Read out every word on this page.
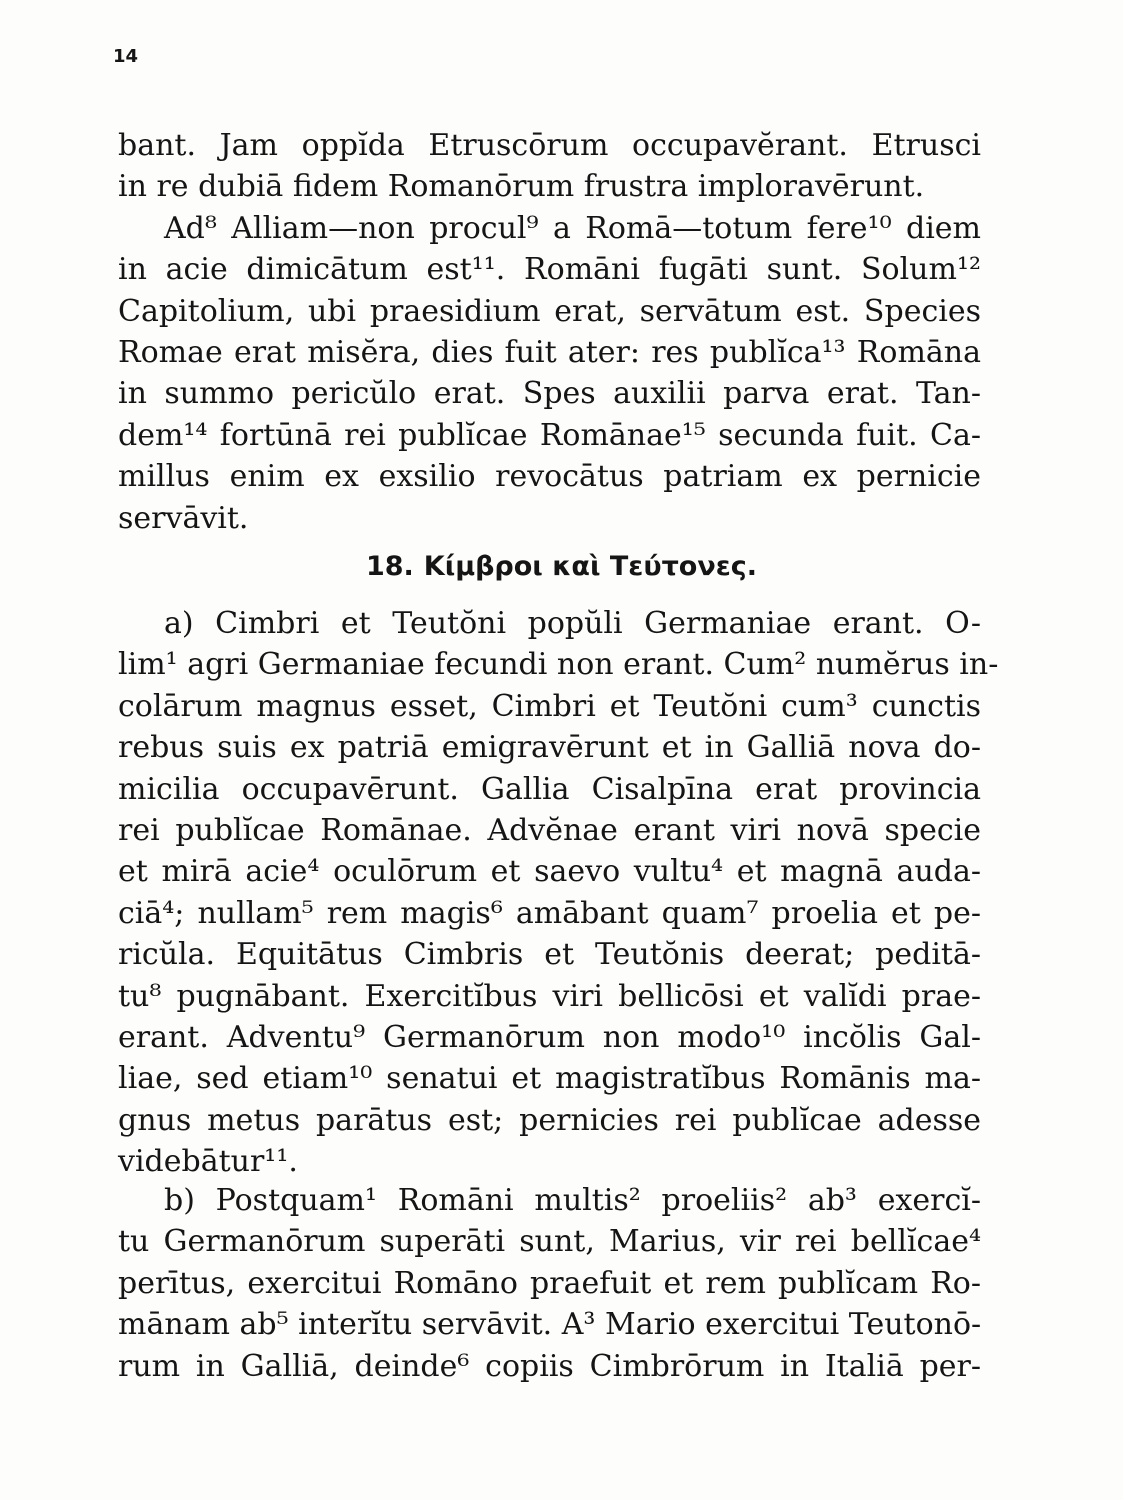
14
bant. Jam oppĭda Etruscōrum occupavĕrant. Etrusci
in re dubiā fidem Romanōrum frustra imploravērunt.
Ad⁸ Alliam—non procul⁹ a Romā—totum fere¹⁰ diem
in acie dimicātum est¹¹. Romāni fugāti sunt. Solum¹²
Capitolium, ubi praesidium erat, servātum est. Species
Romae erat misĕra, dies fuit ater: res publĭca¹³ Romāna
in summo pericŭlo erat. Spes auxilii parva erat. Tan-
dem¹⁴ fortūnā rei publĭcae Romānae¹⁵ secunda fuit. Ca-
millus enim ex exsilio revocātus patriam ex pernicie
servāvit.
18. Κίμβροι καὶ Τεύτονες.
a) Cimbri et Teutŏni popŭli Germaniae erant. O-
lim¹ agri Germaniae fecundi non erant. Cum² numĕrus in-
colārum magnus esset, Cimbri et Teutŏni cum³ cunctis
rebus suis ex patriā emigravērunt et in Galliā nova do-
micilia occupavērunt. Gallia Cisalpīna erat provincia
rei publĭcae Romānae. Advĕnae erant viri novā specie
et mirā acie⁴ oculōrum et saevo vultu⁴ et magnā auda-
ciā⁴; nullam⁵ rem magis⁶ amābant quam⁷ proelia et pe-
ricŭla. Equitātus Cimbris et Teutŏnis deerat; peditā-
tu⁸ pugnābant. Exercitĭbus viri bellicōsi et valĭdi prae-
erant. Adventu⁹ Germanōrum non modo¹⁰ incŏlis Gal-
liae, sed etiam¹⁰ senatui et magistratĭbus Romānis ma-
gnus metus parātus est; pernicies rei publĭcae adesse
videbātur¹¹.
b) Postquam¹ Romāni multis² proeliis² ab³ exercĭ-
tu Germanōrum superāti sunt, Marius, vir rei bellĭcae⁴
perītus, exercitui Romāno praefuit et rem publĭcam Ro-
mānam ab⁵ interĭtu servāvit. A³ Mario exercitui Teutonō-
rum in Galliā, deinde⁶ copiis Cimbrōrum in Italiā per-
